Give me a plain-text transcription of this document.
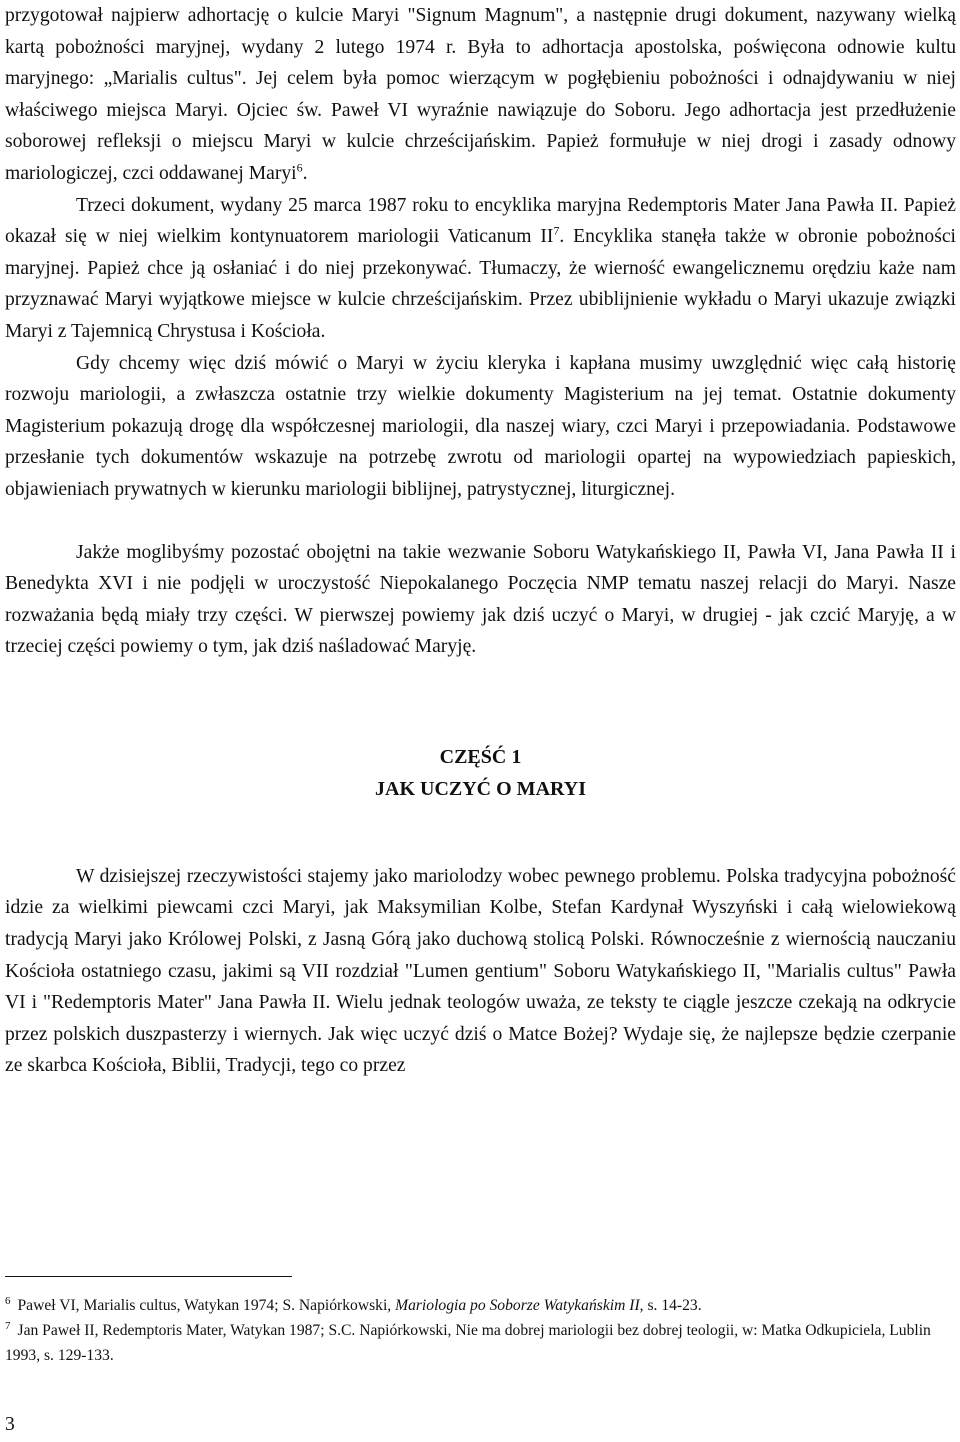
przygotował najpierw adhortację o kulcie Maryi "Signum Magnum", a następnie drugi dokument, nazywany wielką kartą pobożności maryjnej, wydany 2 lutego 1974 r. Była to adhortacja apostolska, poświęcona odnowie kultu maryjnego: „Marialis cultus". Jej celem była pomoc wierzącym w pogłębieniu pobożności i odnajdywaniu w niej właściwego miejsca Maryi. Ojciec św. Paweł VI wyraźnie nawiązuje do Soboru. Jego adhortacja jest przedłużenie soborowej refleksji o miejscu Maryi w kulcie chrześcijańskim. Papież formułuje w niej drogi i zasady odnowy mariologiczej, czci oddawanej Maryi$^6$.

Trzeci dokument, wydany 25 marca 1987 roku to encyklika maryjna Redemptoris Mater Jana Pawła II. Papież okazał się w niej wielkim kontynuatorem mariologii Vaticanum $II^7$. Encyklika stanęła także w obronie pobożności maryjnej. Papież chce ją osłaniać i do niej przekonywać. Tłumaczy, że wierność ewangelicznemu orędziu każe nam przyznawać Maryi wyjątkowe miejsce w kulcie chrześcijańskim. Przez ubiblijnienie wykładu o Maryi ukazuje związki Maryi z Tajemnicą Chrystusa i Kościoła.

Gdy chcemy więc dziś mówić o Maryi w życiu kleryka i kapłana musimy uwzględnić więc całą historię rozwoju mariologii, a zwłaszcza ostatnie trzy wielkie dokumenty Magisterium na jej temat. Ostatnie dokumenty Magisterium pokazują drogę dla współczesnej mariologii, dla naszej wiary, czci Maryi i przepowiadania. Podstawowe przesłanie tych dokumentów wskazuje na potrzebę zwrotu od mariologii opartej na wypowiedziach papieskich, objawieniach prywatnych w kierunku mariologii biblijnej, patrystycznej, liturgicznej.

Jakże moglibyśmy pozostać obojętni na takie wezwanie Soboru Watykańskiego II, Pawła VI, Jana Pawła II i Benedykta XVI i nie podjęli w uroczystość Niepokalanego Poczęcia NMP tematu naszej relacji do Maryi. Nasze rozważania będą miały trzy części. W pierwszej powiemy jak dziś uczyć o Maryi, w drugiej - jak czcić Maryję, a w trzeciej części powiemy o tym, jak dziś naśladować Maryję.

CZĘŚĆ 1

JAK UCZYĆ O MARYI

W dzisiejszej rzeczywistości stajemy jako mariolodzy wobec pewnego problemu. Polska tradycyjna pobożność idzie za wielkimi piewcami czci Maryi, jak Maksymilian Kolbe, Stefan Kardynał Wyszyński i całą wielowiekową tradycją Maryi jako Królowej Polski, z Jasną Górą jako duchową stolicą Polski. Równocześnie z wiernością nauczaniu Kościoła ostatniego czasu, jakimi są VII rozdział "Lumen gentium" Soboru Watykańskiego II, "Marialis cultus" Pawła VI i "Redemptoris Mater" Jana Pawła II. Wielu jednak teologów uważa, ze teksty te ciągle jeszcze czekają na odkrycie przez polskich duszpasterzy i wiernych. Jak więc uczyć dziś o Matce Bożej? Wydaje się, że najlepsze będzie czerpanie ze skarbca Kościoła, Biblii, Tradycji, tego co przez

$^6$ Paweł VI, Marialis cultus, Watykan 1974; S. Napiórkowski, Mariologia po Soborze Watykańskim II, s. 14-23.

$^7$ Jan Paweł II, Redemptoris Mater, Watykan 1987; S.C. Napiórkowski, Nie ma dobrej mariologii bez dobrej teologii, w: Matka Odkupiciela, Lublin 1993, s. 129-133.

3
